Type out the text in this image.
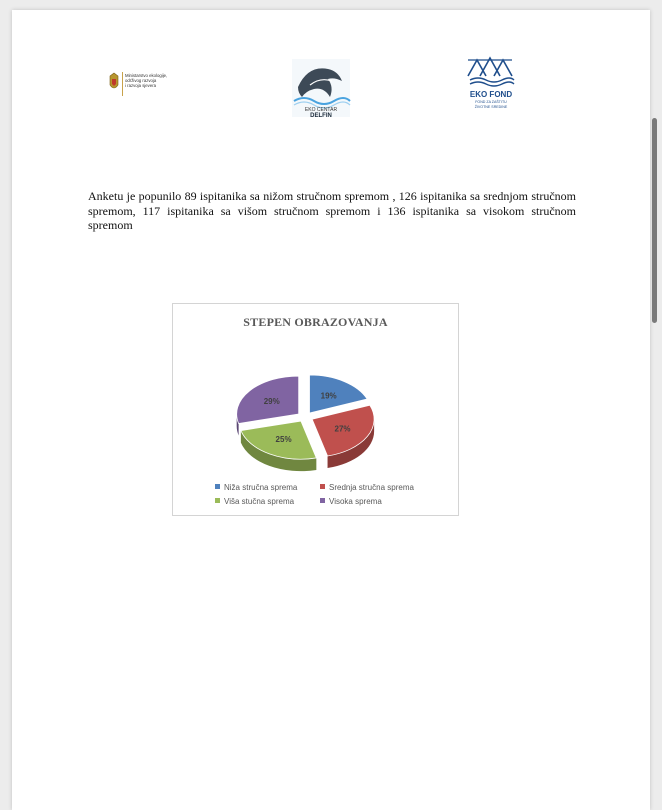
Ministarstvo ekologije,
održivog razvoja
i razvoja sjevera
EKO CENTAR
DELFIN
EKO FOND
FOND ZA ZAŠTITU
ŽIVOTNE SREDINE

Anketu je popunilo 89 ispitanika sa nižom stručnom spremom , 126 ispitanika sa srednjom stručnom spremom, 117 ispitanika sa višom stručnom spremom i 136 ispitanika sa visokom stručnom spremom

STEPEN OBRAZOVANJA
19%
27%
25%
29%
Niža stručna sprema	Srednja stručna sprema
Viša stučna sprema	Visoka sprema
